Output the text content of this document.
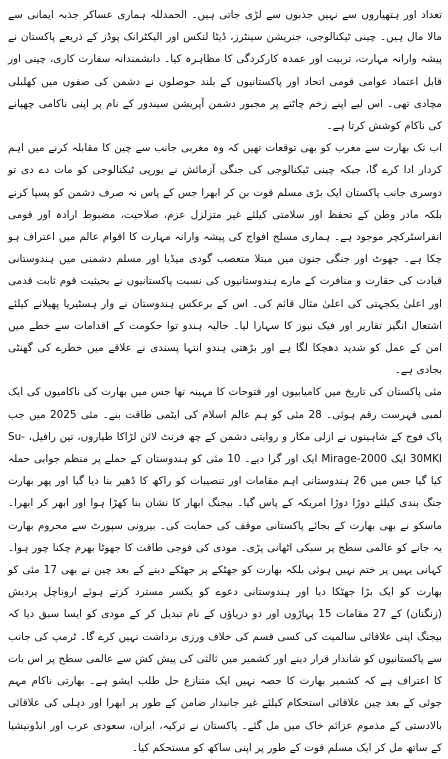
تعداد اور ہتھیاروں سے نہیں جذبوں سے لڑی جاتی ہیں۔ الحمدللہ ہماری عساکر جذبہ ایمانی سے مالا مال ہیں۔ چینی ٹیکنالوجی، جنریشن سینٹرز، ڈیٹا لنکس اور الیکٹرانک پوڈز کے ذریعے پاکستان نے پیشہ وارانہ مہارت، تربیت اور عمدہ کارکردگی کا مظاہرہ کیا۔ دانشمندانہ سفارت کاری، چینی اور قابل اعتماد عوامی قومی اتحاد اور پاکستانیوں کے بلند حوصلوں نے دشمن کی صفوں میں کھلبلی مچادی تھی۔ اس لیے اپنے زخم چاٹنے پر مجبور دشمن آپریشن سیندور کے نام پر اپنی ناکامی چھپانے کی ناکام کوشش کرتا ہے۔

اب تک بھارت سے مغرب کو بھی توقعات تھیں کہ وہ مغربی جانب سے چین کا مقابلہ کرنے میں اہم کردار ادا کرے گا، جبکہ چینی ٹیکنالوجی کی جنگی آزمائش نے یورپی ٹیکنالوجی کو مات دے دی تو دوسری جانب پاکستان ایک بڑی مسلم قوت بن کر ابھرا جس کے پاس نہ صرف دشمن کو پسپا کرنے بلکہ مادر وطن کے تحفظ اور سلامتی کیلئے غیر متزلزل عزم، صلاحیت، مضبوط ارادہ اور قومی انفراسٹرکچر موجود ہے۔ ہماری مسلح افواج کی پیشہ وارانہ مہارت کا اقوام عالم میں اعتراف ہو چکا ہے۔ جھوٹ اور جنگی جنون میں مبتلا متعصب گودی میڈیا اور مسلم دشمنی میں ہندوستانی قیادت کی حقارت و منافرت کے مارے ہندوستانیوں کی نسبت پاکستانیوں نے بحیثیت قوم ثابت قدمی اور اعلیٰ یکجہتی کی اعلیٰ مثال قائم کی۔ اس کے برعکس ہندوستان نے وار ہسٹیریا پھیلانے کیلئے اشتعال انگیز تقاریر اور فیک نیوز کا سہارا لیا۔ حالیہ ہندو توا حکومت کے اقدامات سے خطے میں امن کے عمل کو شدید دھچکا لگا ہے اور بڑھتی ہندو انتہا پسندی نے علاقے میں خطرے کی گھنٹی بجادی ہے۔

مئی پاکستان کی تاریخ میں کامیابیوں اور فتوحات کا مہینہ تھا جس میں بھارت کی ناکامیوں کی ایک لمبی فہرست رقم ہوئی۔ 28 مئی کو ہم عالم اسلام کی ایٹمی طاقت بنے۔ مئی 2025 میں جب پاک فوج کے شاہینوں نے ازلی مکار و روایتی دشمن کے چھ فرنٹ لائن لڑاکا طیاروں، تین رافیل، Su-30MKI ایک Mirage-2000 ایک اور گرا دیے۔ 10 مئی کو ہندوستان کے حملے پر منظم جوابی حملہ کیا گیا جس میں 26 ہندوستانی اہم مقامات اور تنصیبات کو راکھ کا ڈھیر بنا دیا گیا اور پھر بھارت جنگ بندی کیلئے دوڑا دوڑا امریکہ کے پاس گیا۔ بیجنگ ابھار کا نشان بنا کھڑا ہوا اور ابھر کر ابھرا۔ ماسکو نے بھی بھارت کے بجائے پاکستانی موقف کی حمایت کی۔ بیرونی سپورٹ سے محروم بھارت یہ جانے کو عالمی سطح پر سبکی اٹھانی پڑی۔ مودی کی فوجی طاقت کا جھوٹا بھرم چکنا چور ہوا۔ کہانی یہیں پر ختم نہیں ہوئی بلکہ بھارت کو جھٹکے پر جھٹکے دینے کے بعد چین نے بھی 17 مئی کو بھارت کو ایک بڑا جھٹکا دیا اور ہندوستانی دعوے کو یکسر مسترد کرتے ہوئے اروناچل پردیش (زنگنان) کے 27 مقامات 15 پہاڑوں اور دو دریاؤں کے نام تبدیل کر کے مودی کو ایسا سبق دیا کہ بیجنگ اپنی علاقائی سالمیت کی کسی قسم کی خلاف ورزی برداشت نہیں کرے گا۔ ٹرمپ کی جانب سے پاکستانیوں کو شاندار قرار دینے اور کشمیر میں ثالثی کی پیش کش سے عالمی سطح پر اس بات کا اعتراف ہے کہ کشمیر بھارت کا حصہ نہیں ایک متنازع حل طلب ایشو ہے۔ بھارتی ناکام مہم جوئی کے بعد چین علاقائی استحکام کیلئے غیر جانبدار ضامن کے طور پر ابھرا اور دہلی کی علاقائی بالادستی کے مذموم عزائم خاک میں مل گئے۔ پاکستان نے ترکیہ، ایران، سعودی عرب اور انڈونیشیا کے ساتھ مل کر ایک مسلم قوت کے طور پر اپنی ساکھ کو مستحکم کیا۔
